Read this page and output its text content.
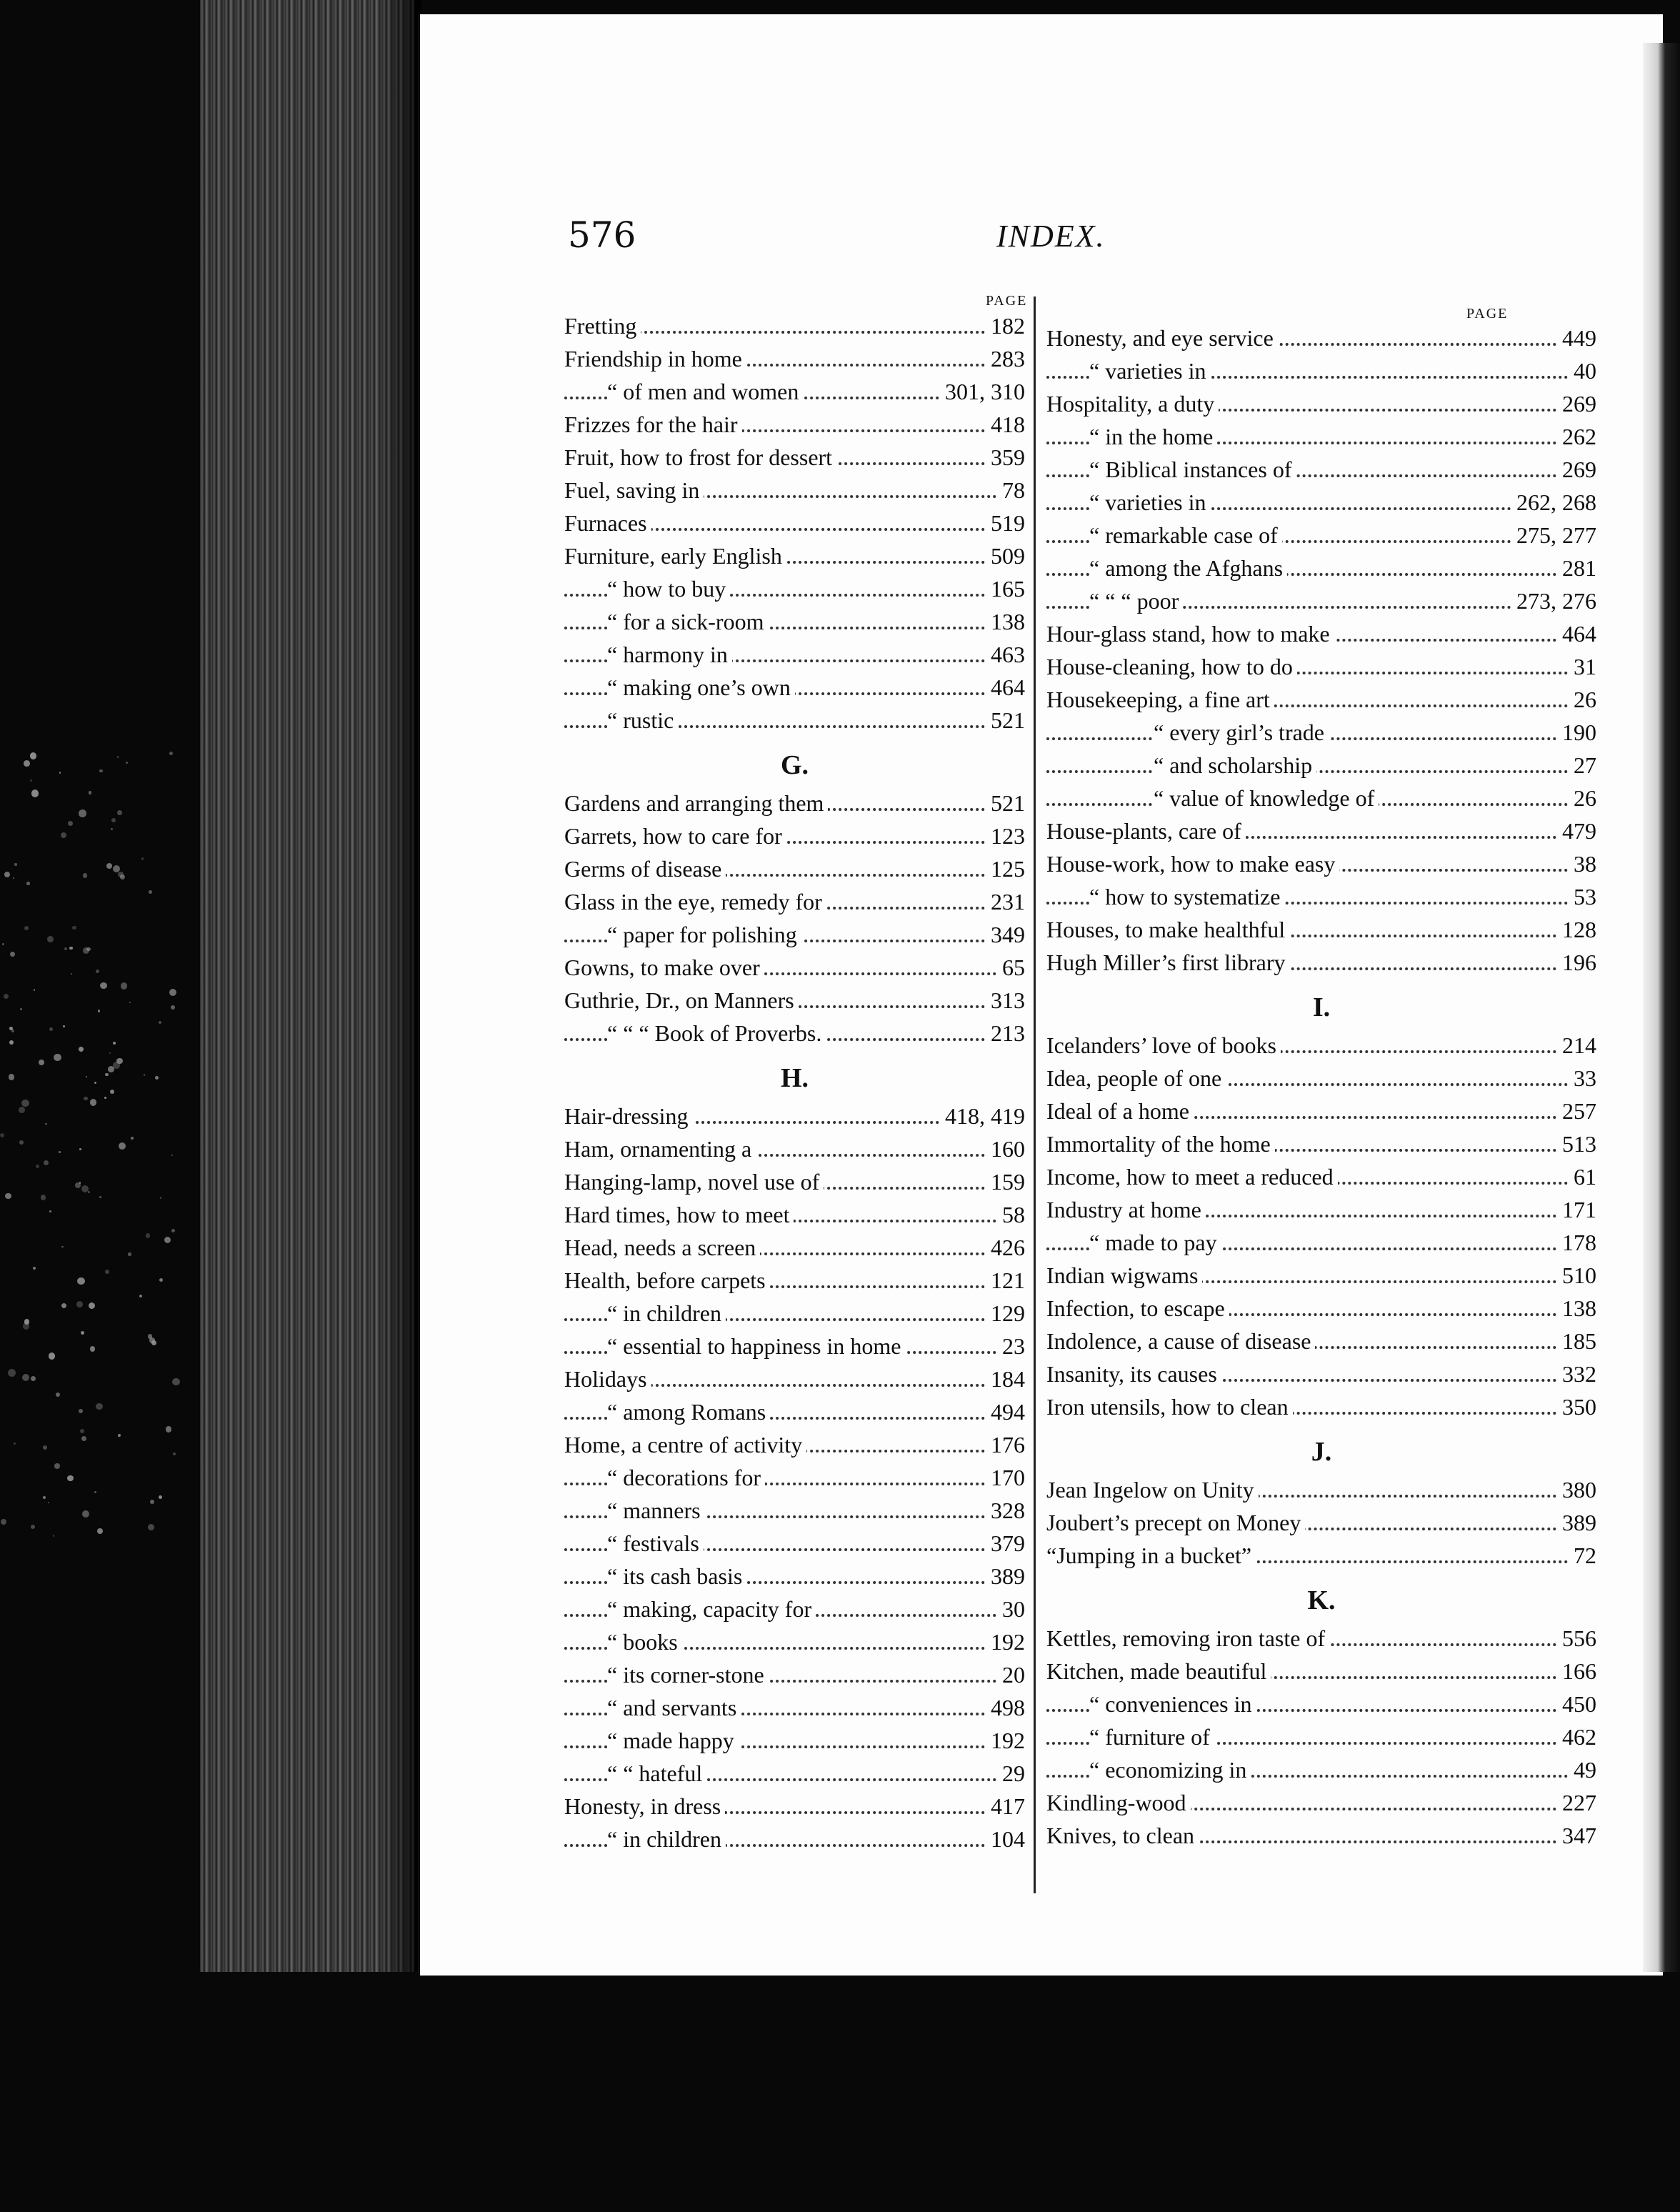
576	INDEX.
PAGE
PAGE
Fretting	182
Friendship in home	283
“ of men and women	301, 310
Frizzes for the hair	418
Fruit, how to frost for dessert	359
Fuel, saving in	78
Furnaces	519
Furniture, early English	509
“ how to buy	165
“ for a sick-room	138
“ harmony in	463
“ making one’s own	464
“ rustic	521
G.
Gardens and arranging them	521
Garrets, how to care for	123
Germs of disease	125
Glass in the eye, remedy for	231
“ paper for polishing	349
Gowns, to make over	65
Guthrie, Dr., on Manners	313
“ “ “ Book of Proverbs.	213
H.
Hair-dressing	418, 419
Ham, ornamenting a	160
Hanging-lamp, novel use of	159
Hard times, how to meet	58
Head, needs a screen	426
Health, before carpets	121
“ in children	129
“ essential to happiness in home	23
Holidays	184
“ among Romans	494
Home, a centre of activity	176
“ decorations for	170
“ manners	328
“ festivals	379
“ its cash basis	389
“ making, capacity for	30
“ books	192
“ its corner-stone	20
“ and servants	498
“ made happy	192
“ “ hateful	29
Honesty, in dress	417
“ in children	104
Honesty, and eye service	449
“ varieties in	40
Hospitality, a duty	269
“ in the home	262
“ Biblical instances of	269
“ varieties in	262, 268
“ remarkable case of	275, 277
“ among the Afghans	281
“ “ “ poor	273, 276
Hour-glass stand, how to make	464
House-cleaning, how to do	31
Housekeeping, a fine art	26
“ every girl’s trade	190
“ and scholarship	27
“ value of knowledge of	26
House-plants, care of	479
House-work, how to make easy	38
“ how to systematize	53
Houses, to make healthful	128
Hugh Miller’s first library	196
I.
Icelanders’ love of books	214
Idea, people of one	33
Ideal of a home	257
Immortality of the home	513
Income, how to meet a reduced	61
Industry at home	171
“ made to pay	178
Indian wigwams	510
Infection, to escape	138
Indolence, a cause of disease	185
Insanity, its causes	332
Iron utensils, how to clean	350
J.
Jean Ingelow on Unity	380
Joubert’s precept on Money	389
“Jumping in a bucket”	72
K.
Kettles, removing iron taste of	556
Kitchen, made beautiful	166
“ conveniences in	450
“ furniture of	462
“ economizing in	49
Kindling-wood	227
Knives, to clean	347
